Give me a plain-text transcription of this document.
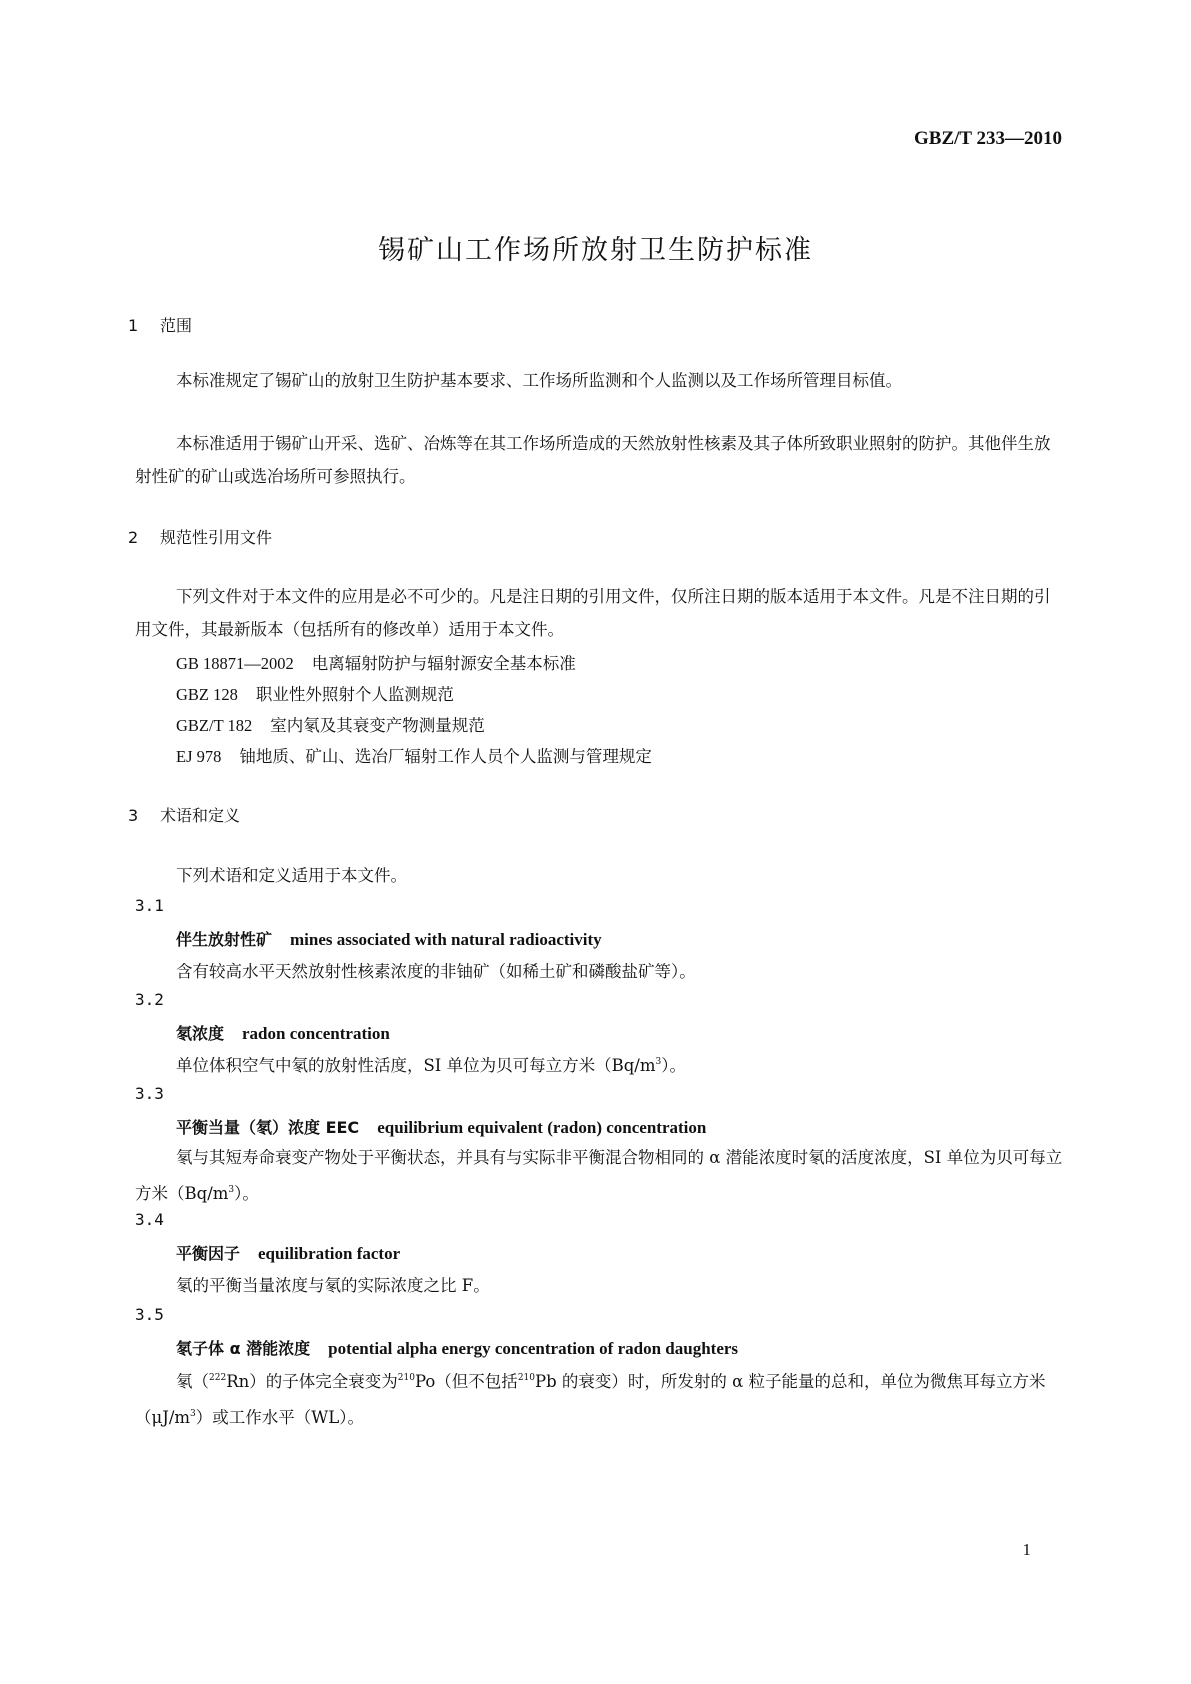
GBZ/T 233—2010
锡矿山工作场所放射卫生防护标准
1 范围
本标准规定了锡矿山的放射卫生防护基本要求、工作场所监测和个人监测以及工作场所管理目标值。
本标准适用于锡矿山开采、选矿、冶炼等在其工作场所造成的天然放射性核素及其子体所致职业照射的防护。其他伴生放射性矿的矿山或选冶场所可参照执行。
2 规范性引用文件
下列文件对于本文件的应用是必不可少的。凡是注日期的引用文件，仅所注日期的版本适用于本文件。凡是不注日期的引用文件，其最新版本（包括所有的修改单）适用于本文件。
GB 18871—2002 电离辐射防护与辐射源安全基本标准
GBZ 128 职业性外照射个人监测规范
GBZ/T 182 室内氡及其衰变产物测量规范
EJ 978 铀地质、矿山、选冶厂辐射工作人员个人监测与管理规定
3 术语和定义
下列术语和定义适用于本文件。
3.1
伴生放射性矿 mines associated with natural radioactivity
含有较高水平天然放射性核素浓度的非铀矿（如稀土矿和磷酸盐矿等）。
3.2
氡浓度 radon concentration
单位体积空气中氡的放射性活度，SI 单位为贝可每立方米$(Bq/m^3)$。
3.3
平衡当量（氡）浓度 EEC equilibrium equivalent (radon) concentration
氡与其短寿命衰变产物处于平衡状态，并具有与实际非平衡混合物相同的 α 潜能浓度时氡的活度浓度，SI 单位为贝可每立方米$(Bq/m^3)$。
3.4
平衡因子 equilibration factor
氡的平衡当量浓度与氡的实际浓度之比 F。
3.5
氡子体 α 潜能浓度 potential alpha energy concentration of radon daughters
氡（$^{222}$Rn）的子体完全衰变为$^{210}$Po（但不包括$^{210}$Pb 的衰变）时，所发射的 α 粒子能量的总和，单位为微焦耳每立方米$(\mu J/m^3)$或工作水平（WL）。
1
